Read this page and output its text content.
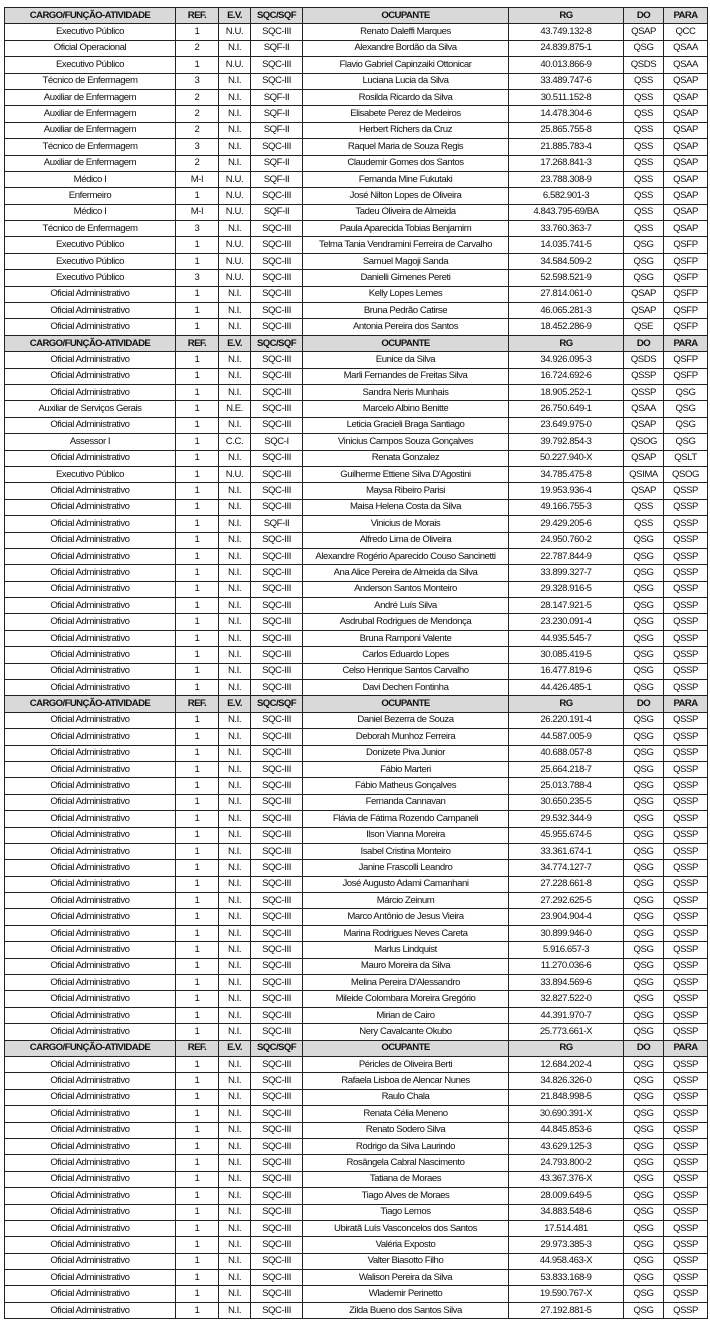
CARGO/FUNÇÃO-ATIVIDADE	REF.	E.V.	SQC/SQF	OCUPANTE	RG	DO	PARA
Executivo Público	1	N.U.	SQC-III	Renato Daleffi Marques	43.749.132-8	QSAP	QCC
Oficial Operacional	2	N.I.	SQF-II	Alexandre Bordão da Silva	24.839.875-1	QSG	QSAA
Executivo Público	1	N.U.	SQC-III	Flavio Gabriel Capinzaiki Ottonicar	40.013.866-9	QSDS	QSAA
Técnico de Enfermagem	3	N.I.	SQC-III	Luciana Lucia da Silva	33.489.747-6	QSS	QSAP
Auxiliar de Enfermagem	2	N.I.	SQF-II	Rosilda Ricardo da Silva	30.511.152-8	QSS	QSAP
Auxiliar de Enfermagem	2	N.I.	SQF-II	Elisabete Perez de Medeiros	14.478.304-6	QSS	QSAP
Auxiliar de Enfermagem	2	N.I.	SQF-II	Herbert Richers da Cruz	25.865.755-8	QSS	QSAP
Técnico de Enfermagem	3	N.I.	SQC-III	Raquel Maria de Souza Regis	21.885.783-4	QSS	QSAP
Auxiliar de Enfermagem	2	N.I.	SQF-II	Claudemir Gomes dos Santos	17.268.841-3	QSS	QSAP
Médico I	M-I	N.U.	SQF-II	Fernanda Mine Fukutaki	23.788.308-9	QSS	QSAP
Enfermeiro	1	N.U.	SQC-III	José Nilton Lopes de Oliveira	6.582.901-3	QSS	QSAP
Médico I	M-I	N.U.	SQF-II	Tadeu Oliveira de Almeida	4.843.795-69/BA	QSS	QSAP
Técnico de Enfermagem	3	N.I.	SQC-III	Paula Aparecida Tobias Benjamim	33.760.363-7	QSS	QSAP
Executivo Público	1	N.U.	SQC-III	Telma Tania Vendramini Ferreira de Carvalho	14.035.741-5	QSG	QSFP
Executivo Público	1	N.U.	SQC-III	Samuel Magoji Sanda	34.584.509-2	QSG	QSFP
Executivo Público	3	N.U.	SQC-III	Danielli Gimenes Pereti	52.598.521-9	QSG	QSFP
Oficial Administrativo	1	N.I.	SQC-III	Kelly Lopes Lemes	27.814.061-0	QSAP	QSFP
Oficial Administrativo	1	N.I.	SQC-III	Bruna Pedrão Catirse	46.065.281-3	QSAP	QSFP
Oficial Administrativo	1	N.I.	SQC-III	Antonia Pereira dos Santos	18.452.286-9	QSE	QSFP
CARGO/FUNÇÃO-ATIVIDADE	REF.	E.V.	SQC/SQF	OCUPANTE	RG	DO	PARA
Oficial Administrativo	1	N.I.	SQC-III	Eunice da Silva	34.926.095-3	QSDS	QSFP
Oficial Administrativo	1	N.I.	SQC-III	Marli Fernandes de Freitas Silva	16.724.692-6	QSSP	QSFP
Oficial Administrativo	1	N.I.	SQC-III	Sandra Neris Munhais	18.905.252-1	QSSP	QSG
Auxiliar de Serviços Gerais	1	N.E.	SQC-III	Marcelo Albino Benitte	26.750.649-1	QSAA	QSG
Oficial Administrativo	1	N.I.	SQC-III	Leticia Gracieli Braga Santiago	23.649.975-0	QSAP	QSG
Assessor I	1	C.C.	SQC-I	Vinicius Campos Souza Gonçalves	39.792.854-3	QSOG	QSG
Oficial Administrativo	1	N.I.	SQC-III	Renata Gonzalez	50.227.940-X	QSAP	QSLT
Executivo Público	1	N.U.	SQC-III	Guilherme Ettiene Silva D'Agostini	34.785.475-8	QSIMA	QSOG
Oficial Administrativo	1	N.I.	SQC-III	Maysa Ribeiro Parisi	19.953.936-4	QSAP	QSSP
Oficial Administrativo	1	N.I.	SQC-III	Maisa Helena Costa da Silva	49.166.755-3	QSS	QSSP
Oficial Administrativo	1	N.I.	SQF-II	Vinicius de Morais	29.429.205-6	QSS	QSSP
Oficial Administrativo	1	N.I.	SQC-III	Alfredo Lima de Oliveira	24.950.760-2	QSG	QSSP
Oficial Administrativo	1	N.I.	SQC-III	Alexandre Rogério Aparecido Couso Sancinetti	22.787.844-9	QSG	QSSP
Oficial Administrativo	1	N.I.	SQC-III	Ana Alice Pereira de Almeida da Silva	33.899.327-7	QSG	QSSP
Oficial Administrativo	1	N.I.	SQC-III	Anderson Santos Monteiro	29.328.916-5	QSG	QSSP
Oficial Administrativo	1	N.I.	SQC-III	André Luís Silva	28.147.921-5	QSG	QSSP
Oficial Administrativo	1	N.I.	SQC-III	Asdrubal Rodrigues de Mendonça	23.230.091-4	QSG	QSSP
Oficial Administrativo	1	N.I.	SQC-III	Bruna Ramponi Valente	44.935.545-7	QSG	QSSP
Oficial Administrativo	1	N.I.	SQC-III	Carlos Eduardo Lopes	30.085.419-5	QSG	QSSP
Oficial Administrativo	1	N.I.	SQC-III	Celso Henrique Santos Carvalho	16.477.819-6	QSG	QSSP
Oficial Administrativo	1	N.I.	SQC-III	Davi Dechen Fontinha	44.426.485-1	QSG	QSSP
CARGO/FUNÇÃO-ATIVIDADE	REF.	E.V.	SQC/SQF	OCUPANTE	RG	DO	PARA
Oficial Administrativo	1	N.I.	SQC-III	Daniel Bezerra de Souza	26.220.191-4	QSG	QSSP
Oficial Administrativo	1	N.I.	SQC-III	Deborah Munhoz Ferreira	44.587.005-9	QSG	QSSP
Oficial Administrativo	1	N.I.	SQC-III	Donizete Piva Junior	40.688.057-8	QSG	QSSP
Oficial Administrativo	1	N.I.	SQC-III	Fábio Marteri	25.664.218-7	QSG	QSSP
Oficial Administrativo	1	N.I.	SQC-III	Fábio Matheus Gonçalves	25.013.788-4	QSG	QSSP
Oficial Administrativo	1	N.I.	SQC-III	Fernanda Cannavan	30.650.235-5	QSG	QSSP
Oficial Administrativo	1	N.I.	SQC-III	Flávia de Fátima Rozendo Campaneli	29.532.344-9	QSG	QSSP
Oficial Administrativo	1	N.I.	SQC-III	Ilson Vianna Moreira	45.955.674-5	QSG	QSSP
Oficial Administrativo	1	N.I.	SQC-III	Isabel Cristina Monteiro	33.361.674-1	QSG	QSSP
Oficial Administrativo	1	N.I.	SQC-III	Janine Frascolli Leandro	34.774.127-7	QSG	QSSP
Oficial Administrativo	1	N.I.	SQC-III	José Augusto Adami Camanhani	27.228.661-8	QSG	QSSP
Oficial Administrativo	1	N.I.	SQC-III	Márcio Zeinum	27.292.625-5	QSG	QSSP
Oficial Administrativo	1	N.I.	SQC-III	Marco Antônio de Jesus Vieira	23.904.904-4	QSG	QSSP
Oficial Administrativo	1	N.I.	SQC-III	Marina Rodrigues Neves Careta	30.899.946-0	QSG	QSSP
Oficial Administrativo	1	N.I.	SQC-III	Marlus Lindquist	5.916.657-3	QSG	QSSP
Oficial Administrativo	1	N.I.	SQC-III	Mauro Moreira da Silva	11.270.036-6	QSG	QSSP
Oficial Administrativo	1	N.I.	SQC-III	Melina Pereira D'Alessandro	33.894.569-6	QSG	QSSP
Oficial Administrativo	1	N.I.	SQC-III	Mileide Colombara Moreira Gregório	32.827.522-0	QSG	QSSP
Oficial Administrativo	1	N.I.	SQC-III	Mirian de Cairo	44.391.970-7	QSG	QSSP
Oficial Administrativo	1	N.I.	SQC-III	Nery Cavalcante Okubo	25.773.661-X	QSG	QSSP
CARGO/FUNÇÃO-ATIVIDADE	REF.	E.V.	SQC/SQF	OCUPANTE	RG	DO	PARA
Oficial Administrativo	1	N.I.	SQC-III	Péricles de Oliveira Berti	12.684.202-4	QSG	QSSP
Oficial Administrativo	1	N.I.	SQC-III	Rafaela Lisboa de Alencar Nunes	34.826.326-0	QSG	QSSP
Oficial Administrativo	1	N.I.	SQC-III	Raulo Chala	21.848.998-5	QSG	QSSP
Oficial Administrativo	1	N.I.	SQC-III	Renata Célia Meneno	30.690.391-X	QSG	QSSP
Oficial Administrativo	1	N.I.	SQC-III	Renato Sodero Silva	44.845.853-6	QSG	QSSP
Oficial Administrativo	1	N.I.	SQC-III	Rodrigo da Silva Laurindo	43.629.125-3	QSG	QSSP
Oficial Administrativo	1	N.I.	SQC-III	Rosângela Cabral Nascimento	24.793.800-2	QSG	QSSP
Oficial Administrativo	1	N.I.	SQC-III	Tatiana de Moraes	43.367.376-X	QSG	QSSP
Oficial Administrativo	1	N.I.	SQC-III	Tiago Alves de Moraes	28.009.649-5	QSG	QSSP
Oficial Administrativo	1	N.I.	SQC-III	Tiago Lemos	34.883.548-6	QSG	QSSP
Oficial Administrativo	1	N.I.	SQC-III	Ubiratã Luís Vasconcelos dos Santos	17.514.481	QSG	QSSP
Oficial Administrativo	1	N.I.	SQC-III	Valéria Exposto	29.973.385-3	QSG	QSSP
Oficial Administrativo	1	N.I.	SQC-III	Valter Biasotto Filho	44.958.463-X	QSG	QSSP
Oficial Administrativo	1	N.I.	SQC-III	Walison Pereira da Silva	53.833.168-9	QSG	QSSP
Oficial Administrativo	1	N.I.	SQC-III	Wlademir Perinetto	19.590.767-X	QSG	QSSP
Oficial Administrativo	1	N.I.	SQC-III	Zilda Bueno dos Santos Silva	27.192.881-5	QSG	QSSP
